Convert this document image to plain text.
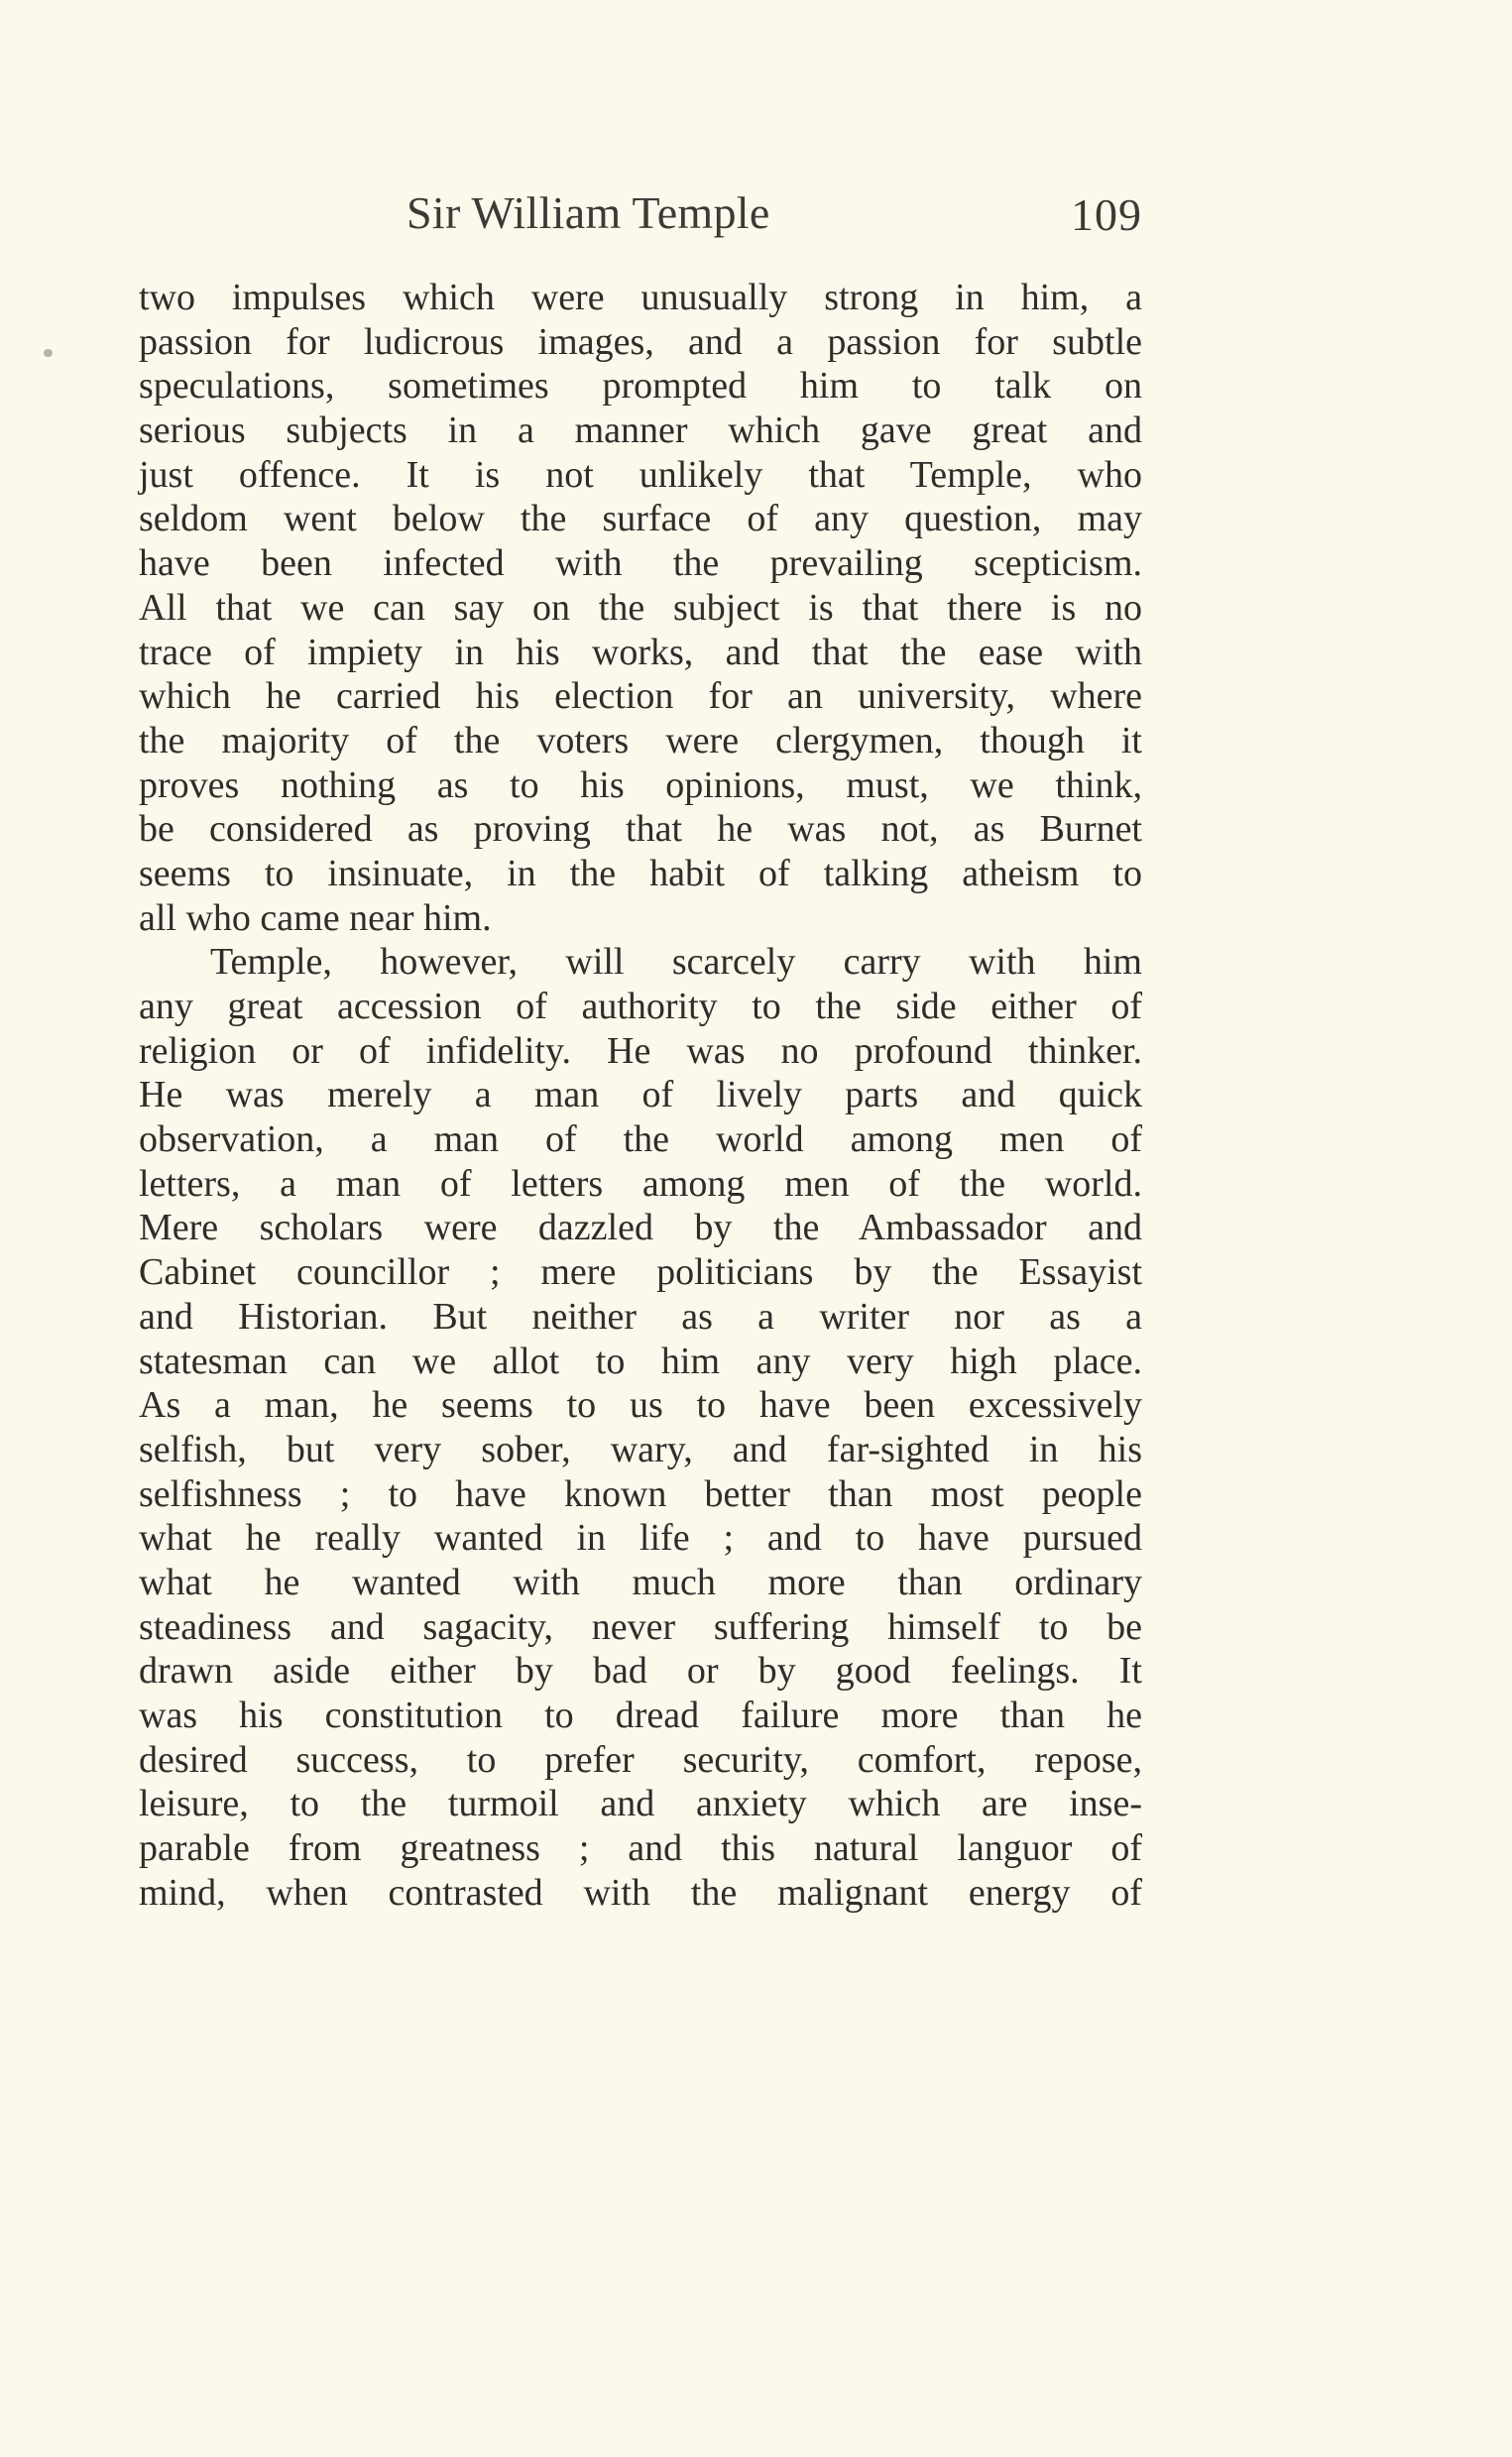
Sir William Temple	109
two impulses which were unusually strong in him, a
passion for ludicrous images, and a passion for subtle
speculations, sometimes prompted him to talk on
serious subjects in a manner which gave great and
just offence. It is not unlikely that Temple, who
seldom went below the surface of any question, may
have been infected with the prevailing scepticism.
All that we can say on the subject is that there is no
trace of impiety in his works, and that the ease with
which he carried his election for an university, where
the majority of the voters were clergymen, though it
proves nothing as to his opinions, must, we think,
be considered as proving that he was not, as Burnet
seems to insinuate, in the habit of talking atheism to
all who came near him.
Temple, however, will scarcely carry with him
any great accession of authority to the side either of
religion or of infidelity. He was no profound thinker.
He was merely a man of lively parts and quick
observation, a man of the world among men of
letters, a man of letters among men of the world.
Mere scholars were dazzled by the Ambassador and
Cabinet councillor ; mere politicians by the Essayist
and Historian. But neither as a writer nor as a
statesman can we allot to him any very high place.
As a man, he seems to us to have been excessively
selfish, but very sober, wary, and far-sighted in his
selfishness ; to have known better than most people
what he really wanted in life ; and to have pursued
what he wanted with much more than ordinary
steadiness and sagacity, never suffering himself to be
drawn aside either by bad or by good feelings. It
was his constitution to dread failure more than he
desired success, to prefer security, comfort, repose,
leisure, to the turmoil and anxiety which are inse-
parable from greatness ; and this natural languor of
mind, when contrasted with the malignant energy of
